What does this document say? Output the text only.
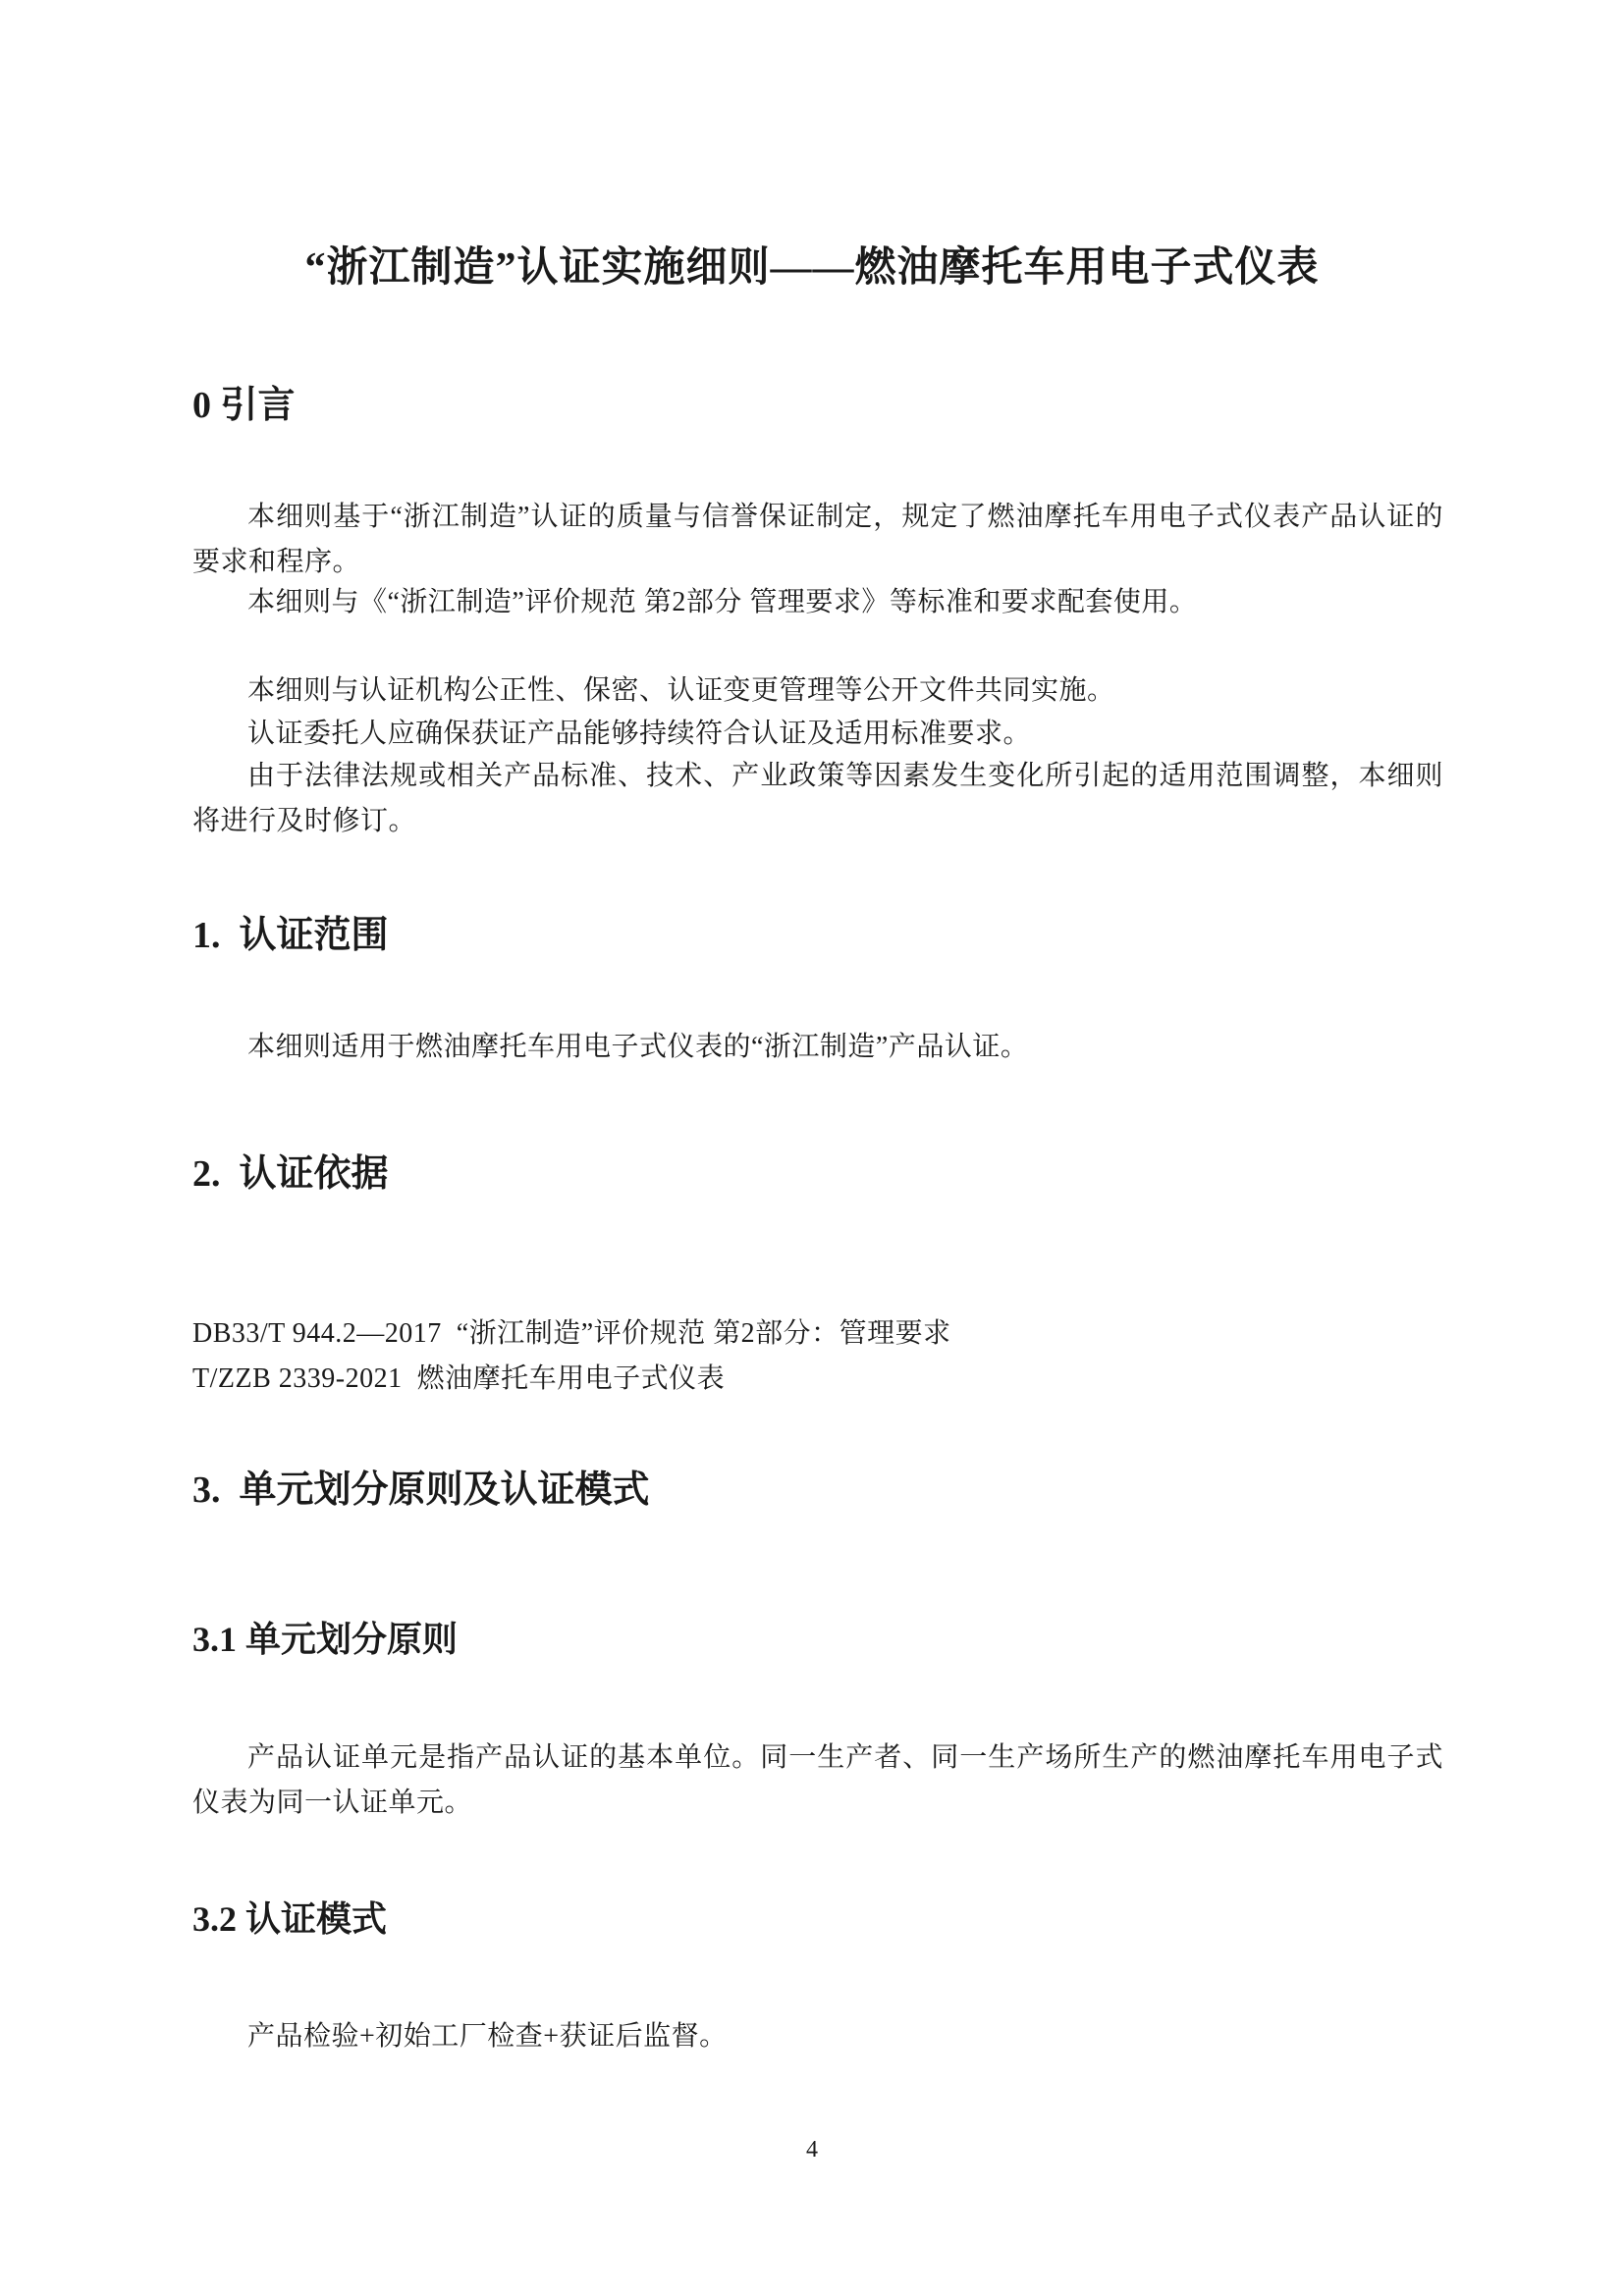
“浙江制造”认证实施细则——燃油摩托车用电子式仪表
0 引言
本细则基于“浙江制造”认证的质量与信誉保证制定，规定了燃油摩托车用电子式仪表产品认证的要求和程序。
本细则与《“浙江制造”评价规范 第2部分 管理要求》等标准和要求配套使用。
本细则与认证机构公正性、保密、认证变更管理等公开文件共同实施。
认证委托人应确保获证产品能够持续符合认证及适用标准要求。
由于法律法规或相关产品标准、技术、产业政策等因素发生变化所引起的适用范围调整，本细则将进行及时修订。
1.  认证范围
本细则适用于燃油摩托车用电子式仪表的“浙江制造”产品认证。
2.  认证依据
DB33/T 944.2—2017  “浙江制造”评价规范 第2部分：管理要求
T/ZZB 2339-2021  燃油摩托车用电子式仪表
3.  单元划分原则及认证模式
3.1 单元划分原则
产品认证单元是指产品认证的基本单位。同一生产者、同一生产场所生产的燃油摩托车用电子式仪表为同一认证单元。
3.2 认证模式
产品检验+初始工厂检查+获证后监督。
4
